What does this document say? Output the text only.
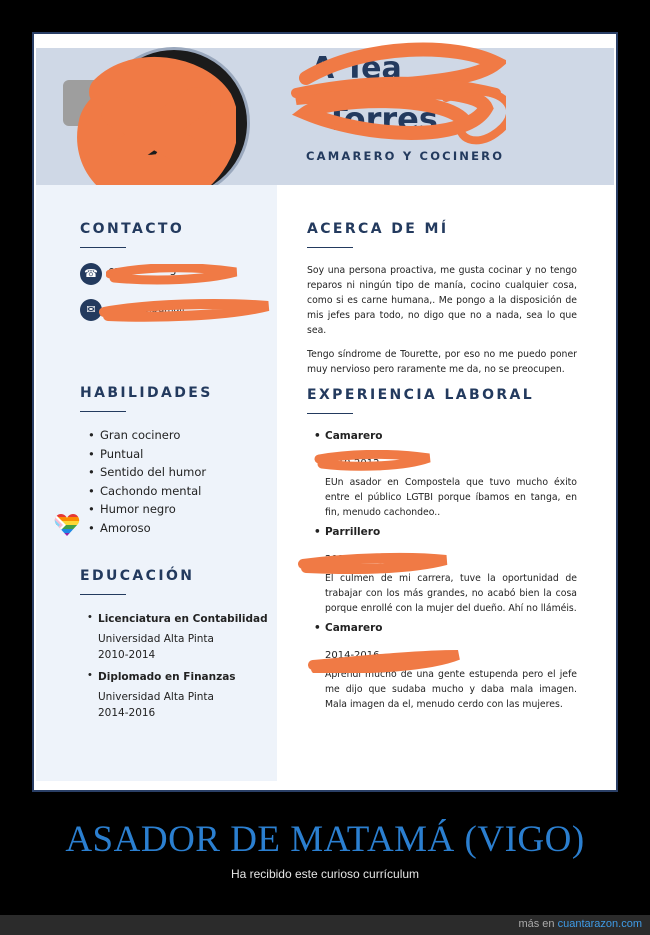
A Tea
Torres
CAMARERO Y COCINERO
CONTACTO
☎	659	5
✉	mente@gmail
HABILIDADES
• Gran cocinero
• Puntual
• Sentido del humor
• Cachondo mental
• Humor negro
• Amoroso
EDUCACIÓN
• Licenciatura en Contabilidad
Universidad Alta Pinta
2010-2014
• Diplomado en Finanzas
Universidad Alta Pinta
2014-2016
ACERCA DE MÍ

Soy una persona proactiva, me gusta cocinar y no tengo reparos ni ningún tipo de manía, cocino cualquier cosa, como si es carne humana,. Me pongo a la disposición de mis jefes para todo, no digo que no a nada, sea lo que sea.

Tengo síndrome de Tourette, por eso no me puedo poner muy nervioso pero raramente me da, no se preocupen.

EXPERIENCIA LABORAL
• Camarero
2010-2012

EUn asador en Compostela que tuvo mucho éxito entre el público LGTBI porque íbamos en tanga, en fin, menudo cachondeo..

• Parrillero
2012-2014

El culmen de mi carrera, tuve la oportunidad de trabajar con los más grandes, no acabó bien la cosa porque enrollé con la mujer del dueño. Ahí no lláméis.

• Camarero
2014-2016

Aprendí mucho de una gente estupenda pero el jefe me dijo que sudaba mucho y daba mala imagen. Mala imagen da el, menudo cerdo con las mujeres.

ASADOR DE MATAMÁ (VIGO)
Ha recibido este curioso currículum
más en cuantarazon.com
